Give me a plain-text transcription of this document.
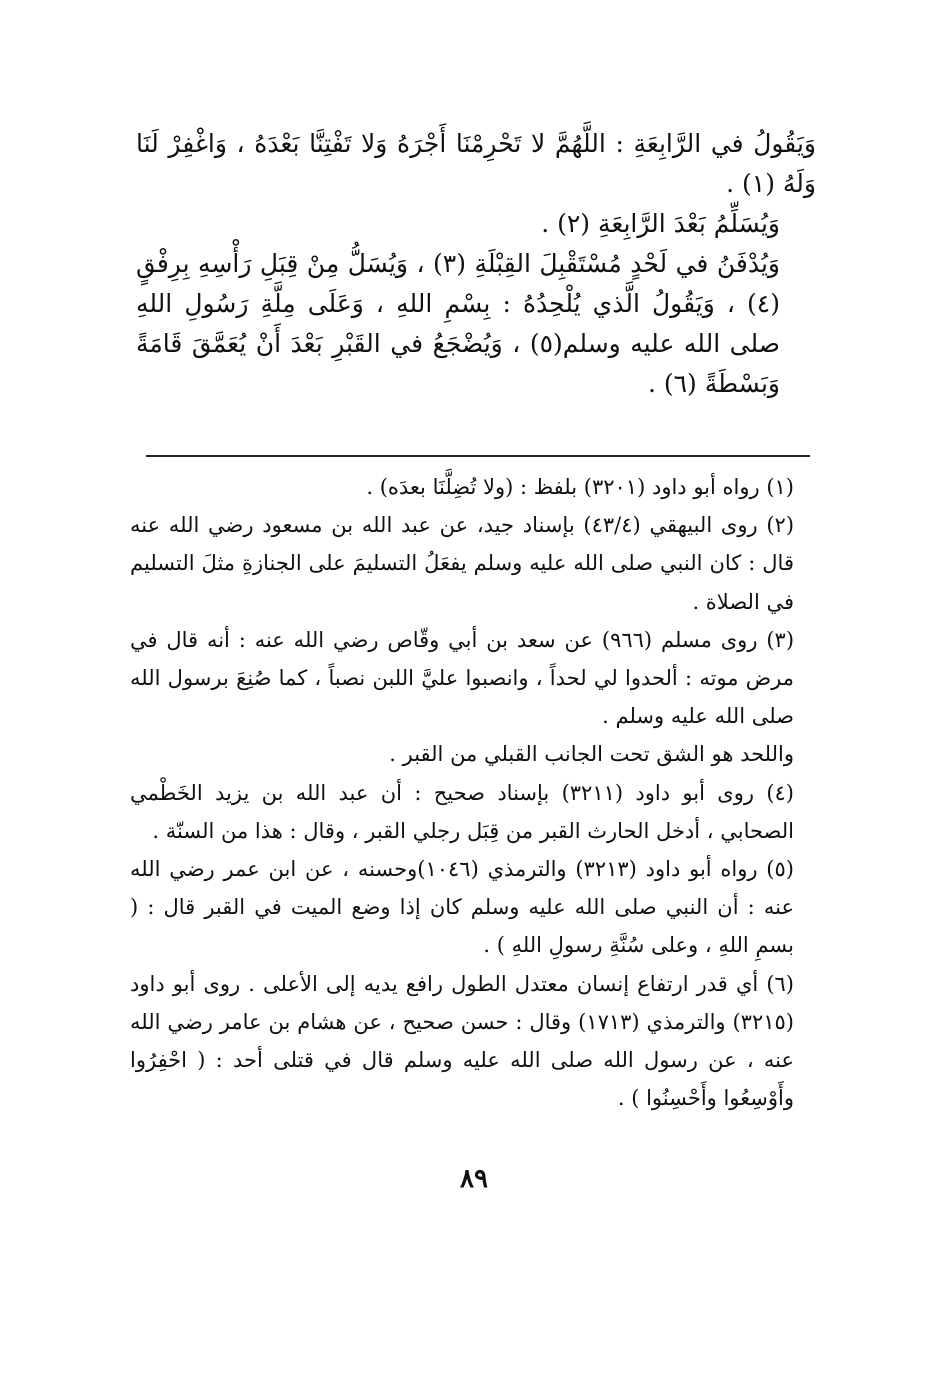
وَيَقُولُ في الرَّابِعَةِ : اللَّهُمَّ لا تَحْرِمْنَا أَجْرَهُ وَلا تَفْتِنَّا بَعْدَهُ ، وَاغْفِرْ لَنَا وَلَهُ (١) .

وَيُسَلِّمُ بَعْدَ الرَّابِعَةِ (٢) .

وَيُدْفَنُ في لَحْدٍ مُسْتَقْبِلَ القِبْلَةِ (٣) ، وَيُسَلُّ مِنْ قِبَلِ رَأْسِهِ بِرِفْقٍ (٤) ، وَيَقُولُ الَّذي يُلْحِدُهُ : بِسْمِ اللهِ ، وَعَلَى مِلَّةِ رَسُولِ اللهِ صلى الله عليه وسلم(٥) ، وَيُضْجَعُ في القَبْرِ بَعْدَ أَنْ يُعَمَّقَ قَامَةً وَبَسْطَةً (٦) .

(١) رواه أبو داود (٣٢٠١) بلفظ : (ولا تُضِلَّنَا بعدَه) .

(٢) روى البيهقي (٤٣/٤) بإسناد جيد، عن عبد الله بن مسعود رضي الله عنه قال : كان النبي صلى الله عليه وسلم يفعَلُ التسليمَ على الجنازةِ مثلَ التسليم في الصلاة .

(٣) روى مسلم (٩٦٦) عن سعد بن أبي وقّاص رضي الله عنه : أنه قال في مرض موته : ألحدوا لي لحداً ، وانصبوا عليَّ اللبن نصباً ، كما صُنِعَ برسول الله صلى الله عليه وسلم .

واللحد هو الشق تحت الجانب القبلي من القبر .

(٤) روى أبو داود (٣٢١١) بإسناد صحيح : أن عبد الله بن يزيد الخَطْمي الصحابي ، أدخل الحارث القبر من قِبَل رجلي القبر ، وقال : هذا من السنّة .

(٥) رواه أبو داود (٣٢١٣) والترمذي (١٠٤٦)وحسنه ، عن ابن عمر رضي الله عنه : أن النبي صلى الله عليه وسلم كان إذا وضع الميت في القبر قال : ( بسمِ اللهِ ، وعلى سُنَّةِ رسولِ اللهِ ) .

(٦) أي قدر ارتفاع إنسان معتدل الطول رافع يديه إلى الأعلى . روى أبو داود (٣٢١٥) والترمذي (١٧١٣) وقال : حسن صحيح ، عن هشام بن عامر رضي الله عنه ، عن رسول الله صلى الله عليه وسلم قال في قتلى أحد : ( احْفِرُوا وأَوْسِعُوا وأَحْسِنُوا ) .

٨٩
